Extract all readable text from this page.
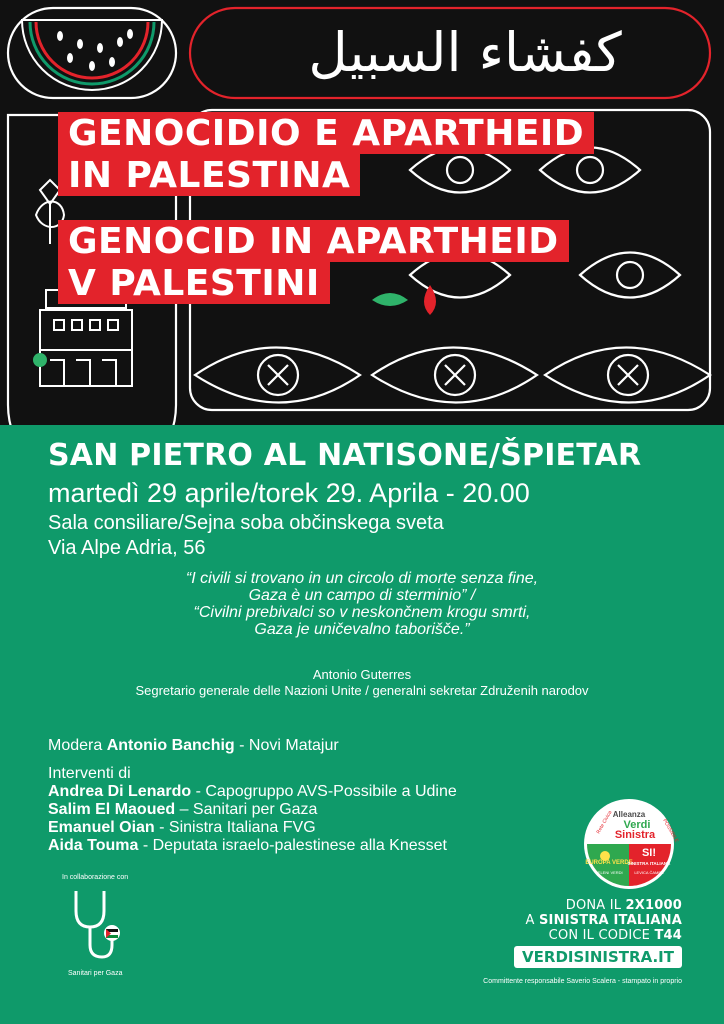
كفشاء السبيل
GENOCIDIO E APARTHEID
IN PALESTINA
GENOCID IN APARTHEID
V PALESTINI
SAN PIETRO AL NATISONE/ŠPIETAR
martedì 29 aprile/torek 29. Aprila - 20.00
Sala consiliare/Sejna soba občinskega sveta
Via Alpe Adria, 56
“I civili si trovano in un circolo di morte senza fine,
Gaza è un campo di sterminio” /
“Civilni prebivalci so v neskončnem krogu smrti,
Gaza je uničevalno taborišče.”
Antonio Guterres
Segretario generale delle Nazioni Unite / generalni sekretar Združenih narodov
Modera Antonio Banchig - Novi Matajur
Interventi di
Andrea Di Lenardo - Capogruppo AVS-Possibile a Udine
Salim El Maoued – Sanitari per Gaza
Emanuel Oian - Sinistra Italiana FVG
Aida Touma - Deputata israelo-palestinese alla Knesset
In collaborazione con
Sanitari per Gaza
Alleanza
Verdi
Sinistra
Rete Civica	POSSIBILE
EUROPA VERDE
ZELENI VERDI
SI!
SINISTRA ITALIANA
LEVICA ČAMPS
DONA IL 2X1000
A SINISTRA ITALIANA
CON IL CODICE T44
VERDISINISTRA.IT
Committente responsabile Saverio Scalera - stampato in proprio
